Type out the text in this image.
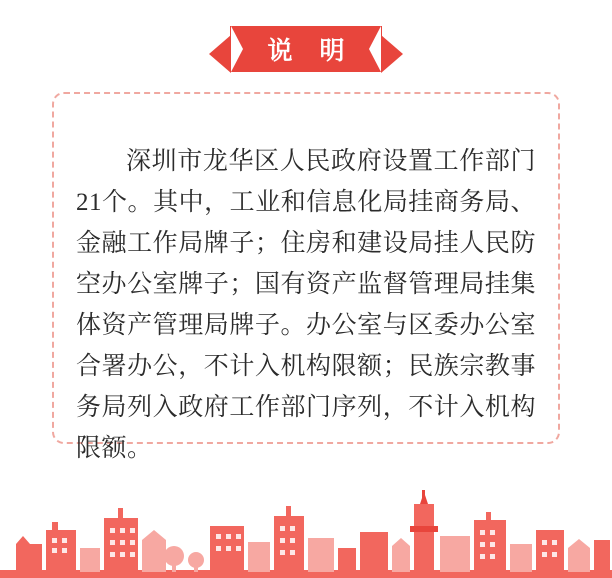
说 明

深圳市龙华区人民政府设置工作部门21个。其中，工业和信息化局挂商务局、金融工作局牌子；住房和建设局挂人民防空办公室牌子；国有资产监督管理局挂集体资产管理局牌子。办公室与区委办公室合署办公，不计入机构限额；民族宗教事务局列入政府工作部门序列，不计入机构限额。
